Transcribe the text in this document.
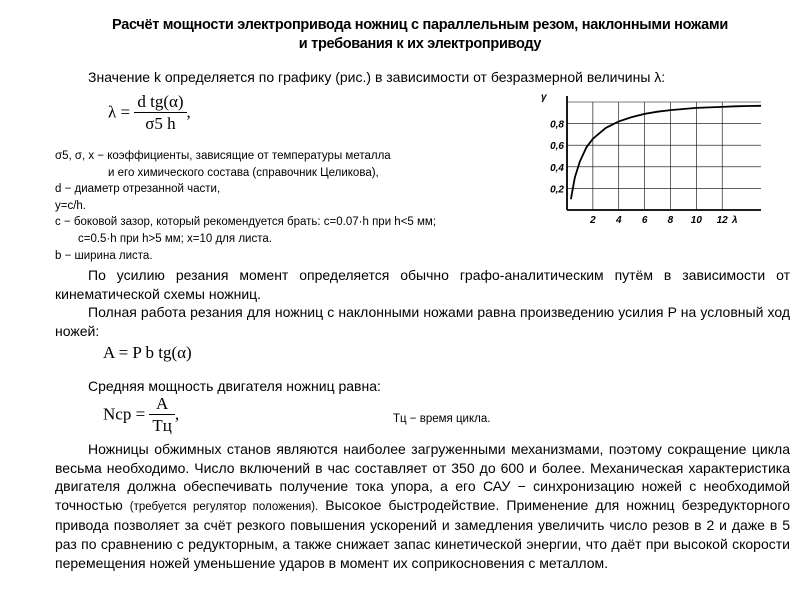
Расчёт мощности электропривода ножниц с параллельным резом, наклонными ножами
и требования к их электроприводу
Значение k определяется по графику (рис.) в зависимости от безразмерной величины λ:
$\lambda = \frac{\text{d tg(α)}}{\sigma 5 h}$ ,
σ5, σ, x − коэффициенты, зависящие от температуры металла
и его химического состава (справочник Целикова),
d − диаметр отрезанной части,
y=c/h.
c − боковой зазор, который рекомендуется брать: c=0.07·h при h<5 мм;
c=0.5·h при h>5 мм; x=10 для листа.
b − ширина листа.
2 4 6 8 10 12
0,2
0,4
0,6
0,8
γ
λ

По усилию резания момент определяется обычно графо-аналитическим путём в зависимости от кинематической схемы ножниц.

Полная работа резания для ножниц с наклонными ножами равна произведению усилия P на условный ход ножей:

A = P b tg(α)

Средняя мощность двигателя ножниц равна:

Nср = $\frac{A}{Tц}$ ,	Tц − время цикла.

Ножницы обжимных станов являются наиболее загруженными механизмами, поэтому сокращение цикла весьма необходимо. Число включений в час составляет от 350 до 600 и более. Механическая характеристика двигателя должна обеспечивать получение тока упора, а его САУ − синхронизацию ножей с необходимой точностью (требуется регулятор положения). Высокое быстродействие. Применение для ножниц безредукторного привода позволяет за счёт резкого повышения ускорений и замедления увеличить число резов в 2 и даже в 5 раз по сравнению с редукторным, а также снижает запас кинетической энергии, что даёт при высокой скорости перемещения ножей уменьшение ударов в момент их соприкосновения с металлом.
